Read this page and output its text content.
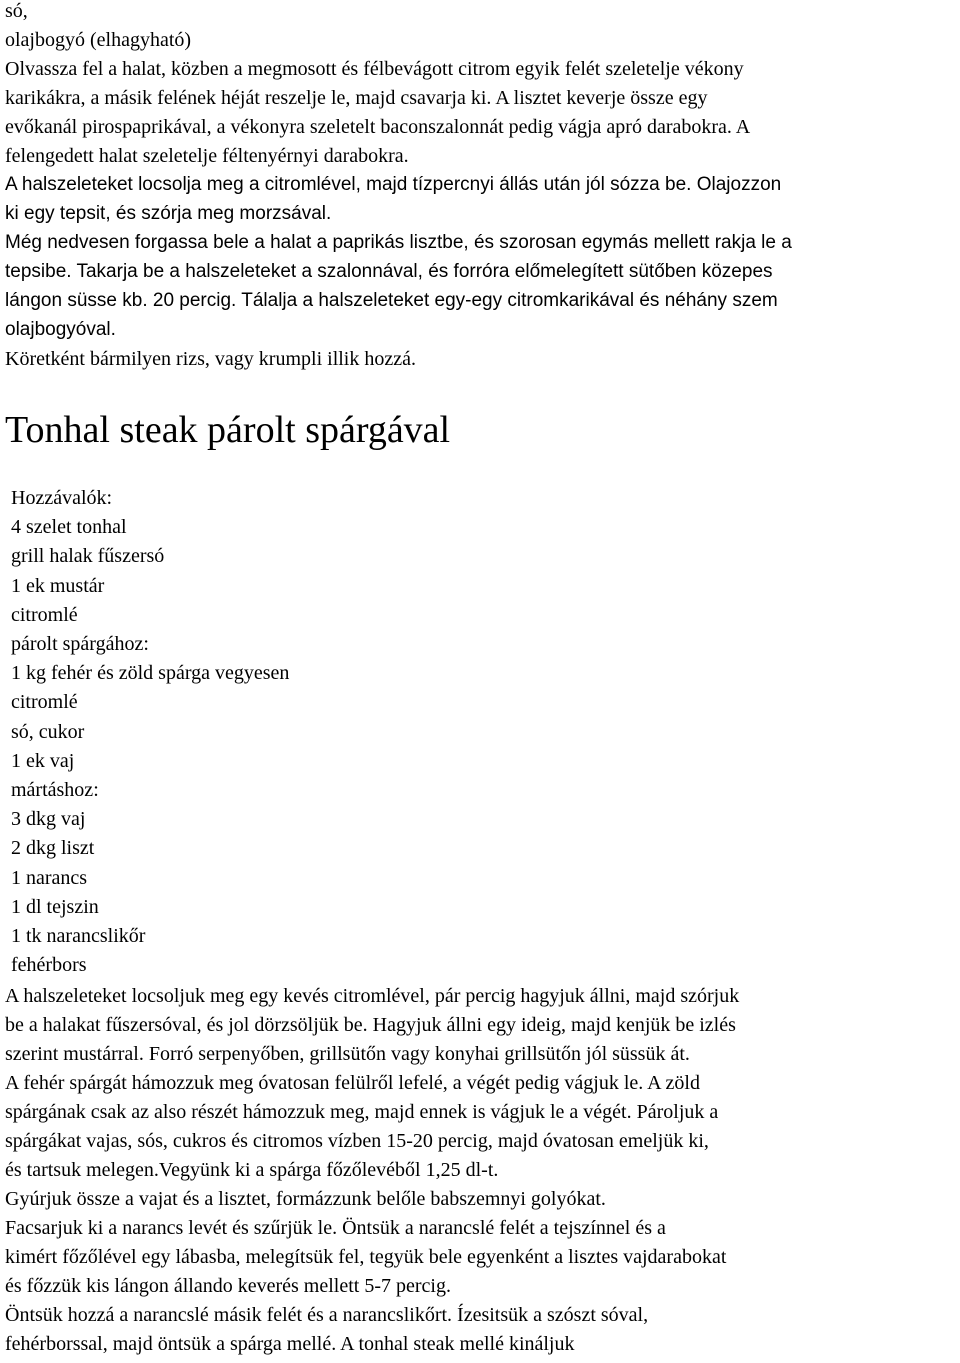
só,
olajbogyó (elhagyható)
Olvassza fel a halat, közben a megmosott és félbevágott citrom egyik felét szeletelje vékony
karikákra, a másik felének héját reszelje le, majd csavarja ki. A lisztet keverje össze egy
evőkanál pirospaprikával, a vékonyra szeletelt baconszalonnát pedig vágja apró darabokra. A
felengedett halat szeletelje féltenyérnyi darabokra.
A halszeleteket locsolja meg a citromlével, majd tízpercnyi állás után jól sózza be. Olajozzon
ki egy tepsit, és szórja meg morzsával.
Még nedvesen forgassa bele a halat a paprikás lisztbe, és szorosan egymás mellett rakja le a
tepsibe. Takarja be a halszeleteket a szalonnával, és forróra előmelegített sütőben közepes
lángon süsse kb. 20 percig. Tálalja a halszeleteket egy-egy citromkarikával és néhány szem
olajbogyóval.
Köretként bármilyen rizs, vagy krumpli illik hozzá.
Tonhal steak párolt spárgával
Hozzávalók:
4 szelet tonhal
grill halak fűszersó
1 ek mustár
citromlé
párolt spárgához:
1 kg fehér és zöld spárga vegyesen
citromlé
só, cukor
1 ek vaj
mártáshoz:
3 dkg vaj
2 dkg liszt
1 narancs
1 dl tejszin
1 tk narancslikőr
fehérbors
A halszeleteket locsoljuk meg egy kevés citromlével, pár percig hagyjuk állni, majd szórjuk
be a halakat fűszersóval, és jol dörzsöljük be. Hagyjuk állni egy ideig, majd kenjük be izlés
szerint mustárral. Forró serpenyőben, grillsütőn vagy konyhai grillsütőn jól süssük át.
A fehér spárgát hámozzuk meg óvatosan felülről lefelé, a végét pedig vágjuk le. A zöld
spárgának csak az also részét hámozzuk meg, majd ennek is vágjuk le a végét. Pároljuk a
spárgákat vajas, sós, cukros és citromos vízben 15-20 percig, majd óvatosan emeljük ki,
és tartsuk melegen.Vegyünk ki a spárga főzőlevéből 1,25 dl-t.
Gyúrjuk össze a vajat és a lisztet, formázzunk belőle babszemnyi golyókat.
Facsarjuk ki a narancs levét és szűrjük le. Öntsük a narancslé felét a tejszínnel és a
kimért főzőlével egy lábasba, melegítsük fel, tegyük bele egyenként a lisztes vajdarabokat
és főzzük kis lángon állando keverés mellett 5-7 percig.
Öntsük hozzá a narancslé másik felét és a narancslikőrt. Ízesitsük a szószt sóval,
fehérborssal, majd öntsük a spárga mellé. A tonhal steak mellé kináljuk
